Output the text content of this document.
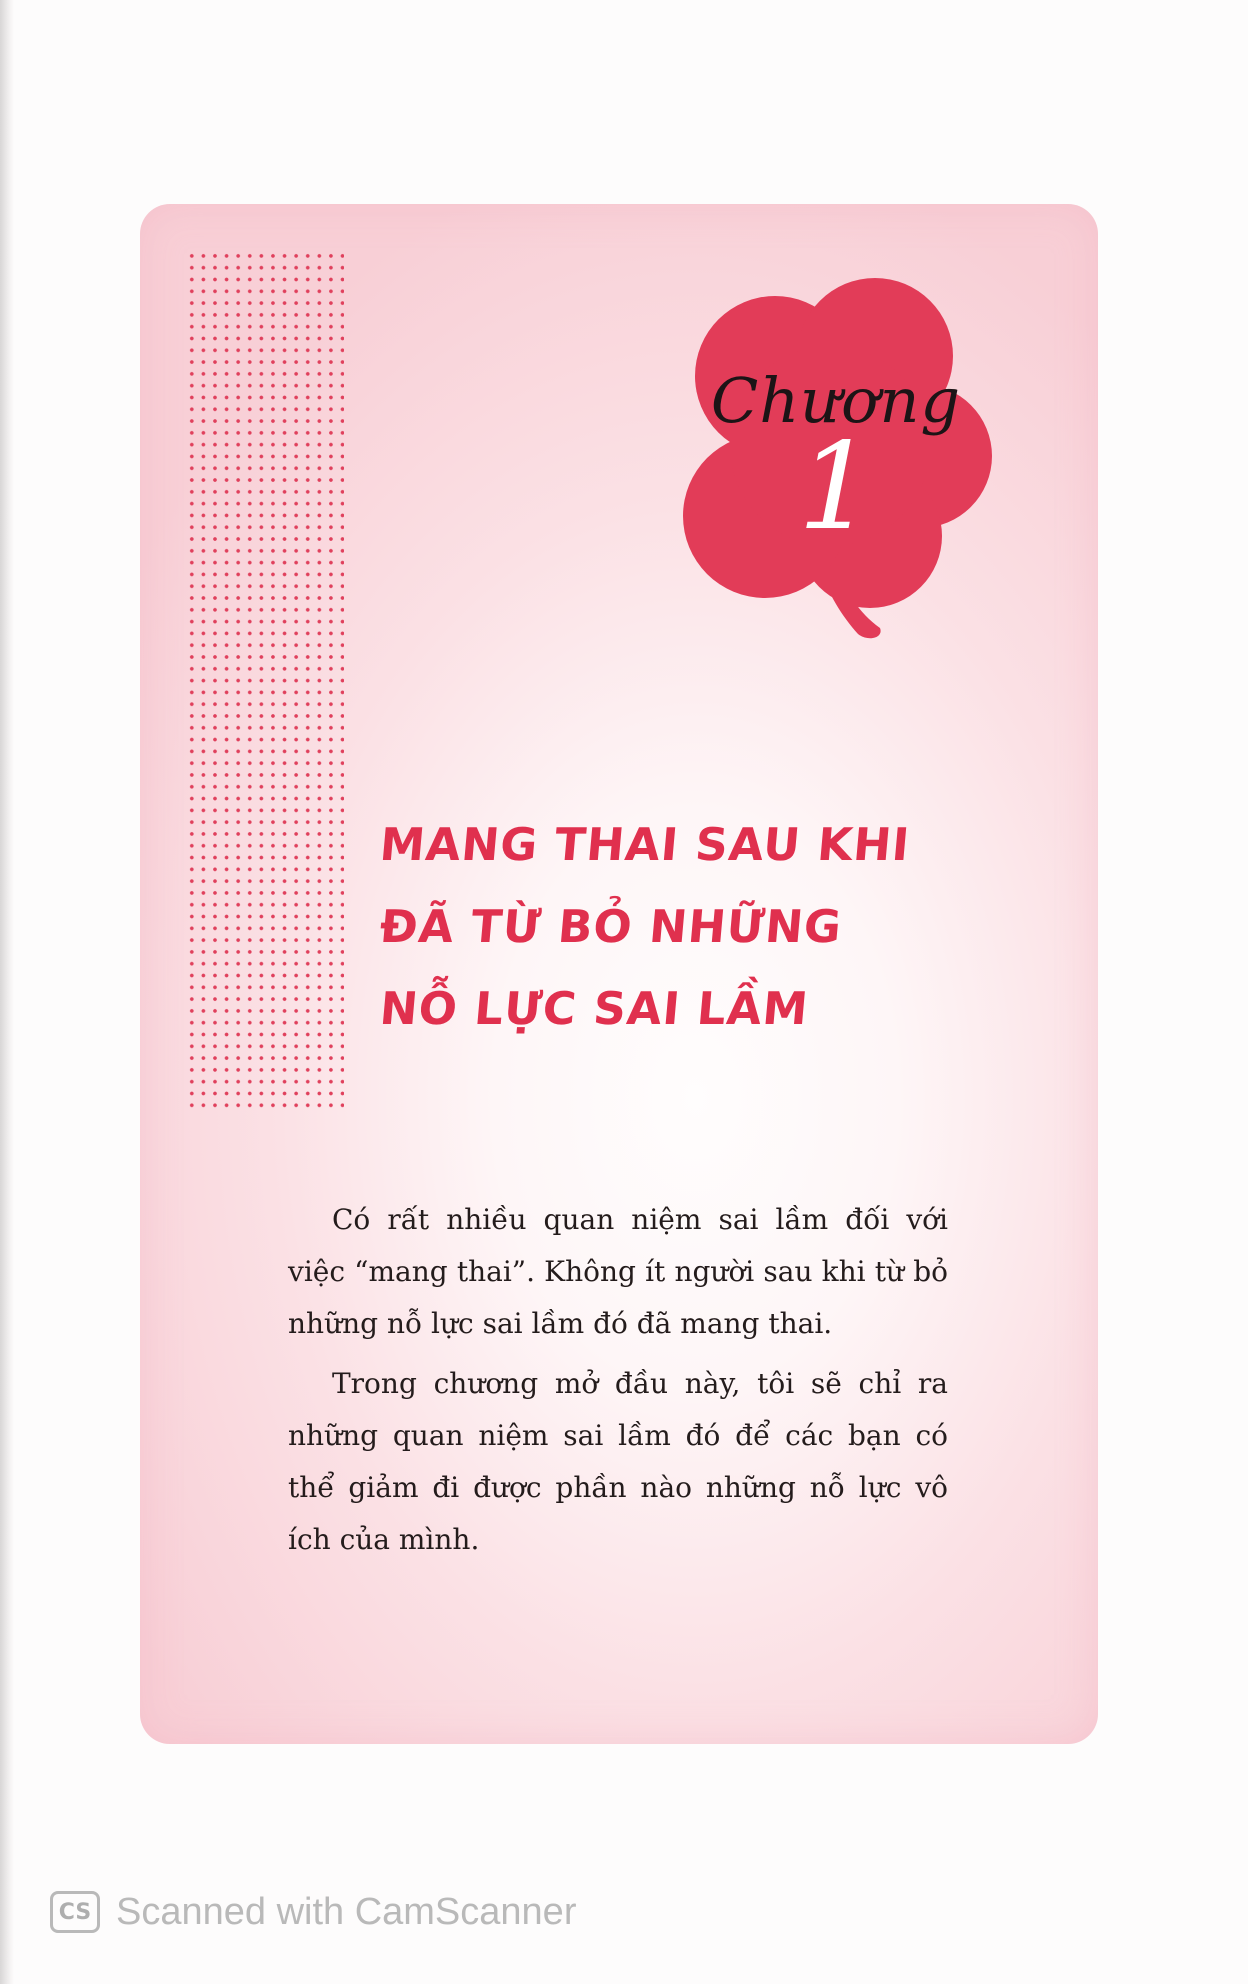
Chương
1
MANG THAI SAU KHI
ĐÃ TỪ BỎ NHỮNG
NỖ LỰC SAI LẦM

Có rất nhiều quan niệm sai lầm đối với việc “mang thai”. Không ít người sau khi từ bỏ những nỗ lực sai lầm đó đã mang thai.

Trong chương mở đầu này, tôi sẽ chỉ ra những quan niệm sai lầm đó để các bạn có thể giảm đi được phần nào những nỗ lực vô ích của mình.

CS Scanned with CamScanner
